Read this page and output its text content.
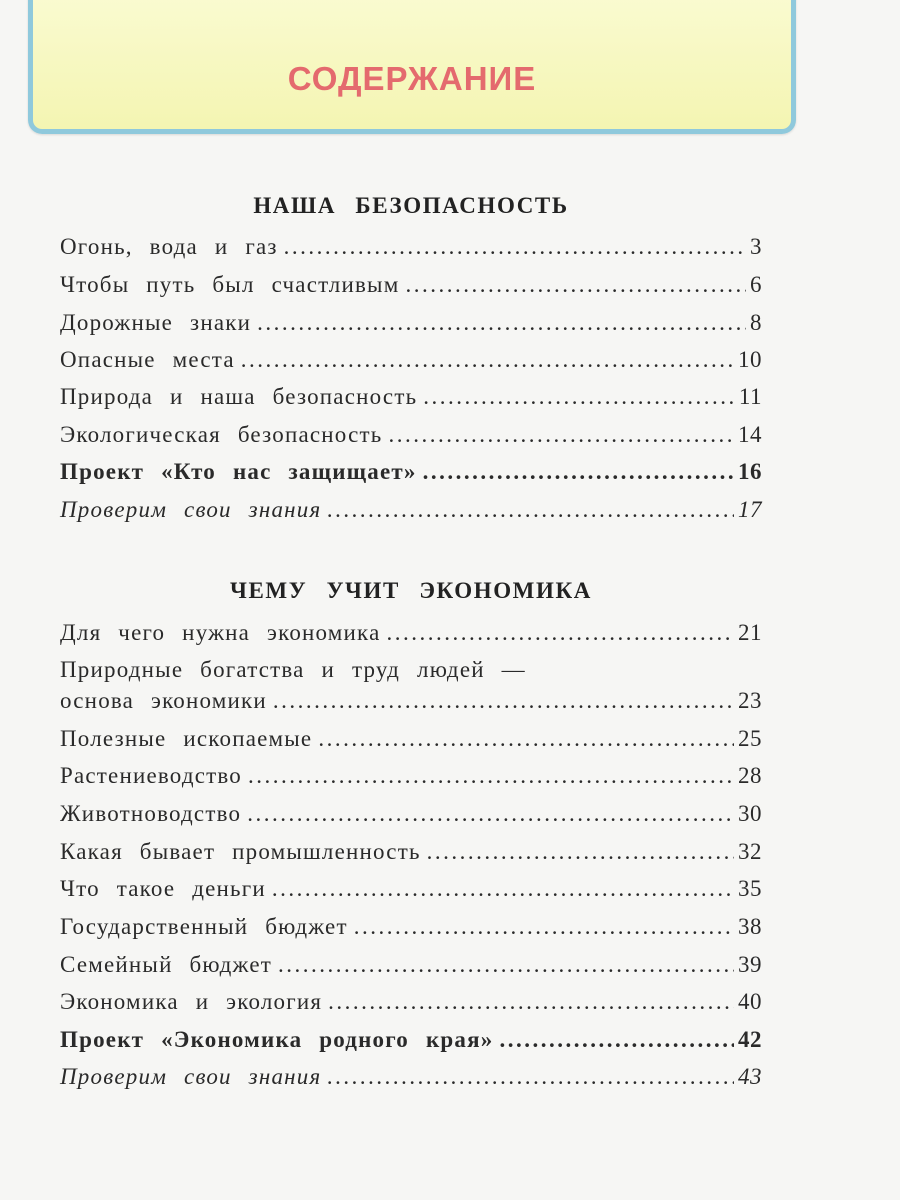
СОДЕРЖАНИЕ
НАША БЕЗОПАСНОСТЬ
Огонь, вода и газ .....	3
Чтобы путь был счастливым .....	6
Дорожные знаки .....	8
Опасные места .....	10
Природа и наша безопасность .....	11
Экологическая безопасность .....	14
Проект «Кто нас защищает» .....	16
Проверим свои знания .....	17
ЧЕМУ УЧИТ ЭКОНОМИКА
Для чего нужна экономика .....	21
Природные богатства и труд людей —
основа экономики .....	23
Полезные ископаемые .....	25
Растениеводство .....	28
Животноводство .....	30
Какая бывает промышленность .....	32
Что такое деньги .....	35
Государственный бюджет .....	38
Семейный бюджет .....	39
Экономика и экология .....	40
Проект «Экономика родного края» .....	42
Проверим свои знания .....	43
